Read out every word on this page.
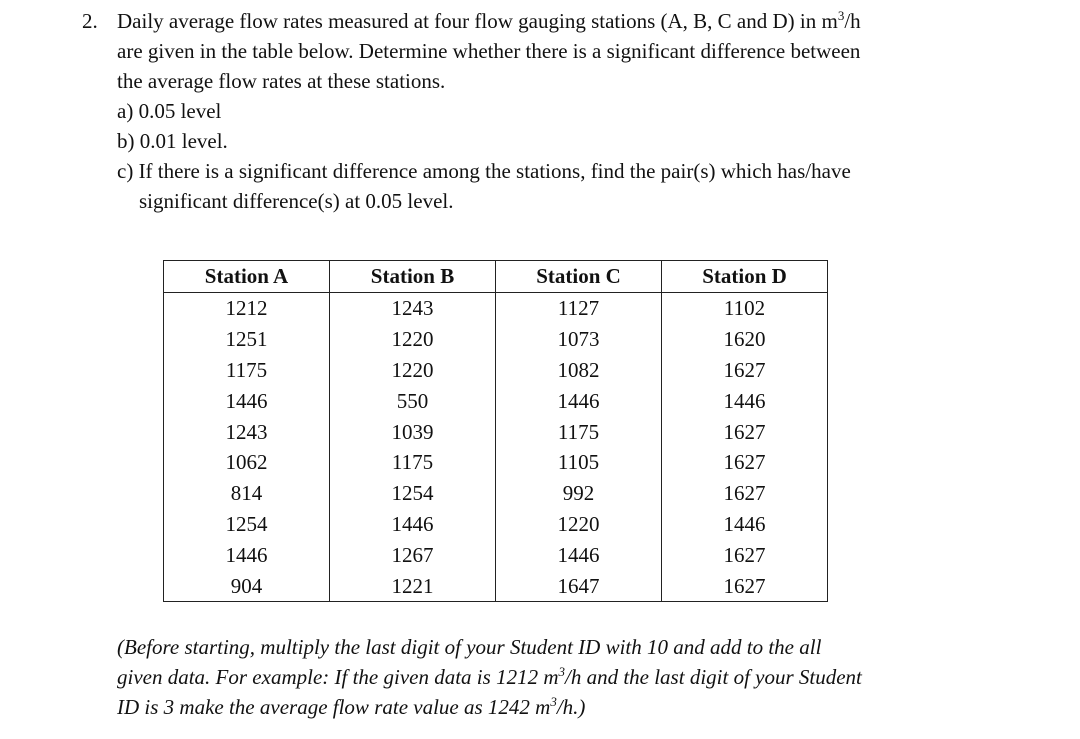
2. Daily average flow rates measured at four flow gauging stations (A, B, C and D) in $m^3/h$
are given in the table below. Determine whether there is a significant difference between
the average flow rates at these stations.
a) 0.05 level
b) 0.01 level.
c) If there is a significant difference among the stations, find the pair(s) which has/have
significant difference(s) at 0.05 level.
Station A	Station B	Station C	Station D
1212	1243	1127	1102
1251	1220	1073	1620
1175	1220	1082	1627
1446	550	1446	1446
1243	1039	1175	1627
1062	1175	1105	1627
814	1254	992	1627
1254	1446	1220	1446
1446	1267	1446	1627
904	1221	1647	1627
(Before starting, multiply the last digit of your Student ID with 10 and add to the all
given data. For example: If the given data is 1212 $m^3/h$ and the last digit of your Student
ID is 3 make the average flow rate value as 1242 $m^3/h$.)
